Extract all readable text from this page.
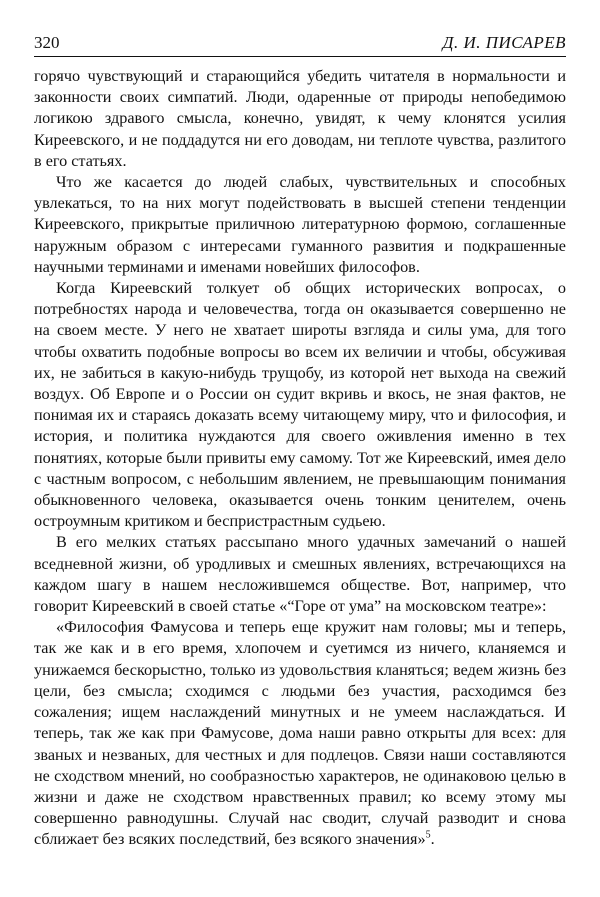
320	Д. И. ПИСАРЕВ

горячо чувствующий и старающийся убедить читателя в нормальности и законности своих симпатий. Люди, одаренные от природы непобедимою логикою здравого смысла, конечно, увидят, к чему клонятся усилия Киреевского, и не поддадутся ни его доводам, ни теплоте чувства, разлитого в его статьях.

Что же касается до людей слабых, чувствительных и способных увлекаться, то на них могут подействовать в высшей степени тенденции Киреевского, прикрытые приличною литературною формою, соглашенные наружным образом с интересами гуманного развития и подкрашенные научными терминами и именами новейших философов.

Когда Киреевский толкует об общих исторических вопросах, о потребностях народа и человечества, тогда он оказывается совершенно не на своем месте. У него не хватает широты взгляда и силы ума, для того чтобы охватить подобные вопросы во всем их величии и чтобы, обсуживая их, не забиться в какую-нибудь трущобу, из которой нет выхода на свежий воздух. Об Европе и о России он судит вкривь и вкось, не зная фактов, не понимая их и стараясь доказать всему читающему миру, что и философия, и история, и политика нуждаются для своего оживления именно в тех понятиях, которые были привиты ему самому. Тот же Киреевский, имея дело с частным вопросом, с небольшим явлением, не превышающим понимания обыкновенного человека, оказывается очень тонким ценителем, очень остроумным критиком и беспристрастным судьею.

В его мелких статьях рассыпано много удачных замечаний о нашей вседневной жизни, об уродливых и смешных явлениях, встречающихся на каждом шагу в нашем несложившемся обществе. Вот, например, что говорит Киреевский в своей статье «“Горе от ума” на московском театре»:

«Философия Фамусова и теперь еще кружит нам головы; мы и теперь, так же как и в его время, хлопочем и суетимся из ничего, кланяемся и унижаемся бескорыстно, только из удовольствия кланяться; ведем жизнь без цели, без смысла; сходимся с людьми без участия, расходимся без сожаления; ищем наслаждений минутных и не умеем наслаждаться. И теперь, так же как при Фамусове, дома наши равно открыты для всех: для званых и незваных, для честных и для подлецов. Связи наши составляются не сходством мнений, но сообразностью характеров, не одинаковою целью в жизни и даже не сходством нравственных правил; ко всему этому мы совершенно равнодушны. Случай нас сводит, случай разводит и снова сближает без всяких последствий, без всякого значения»$^5$.
